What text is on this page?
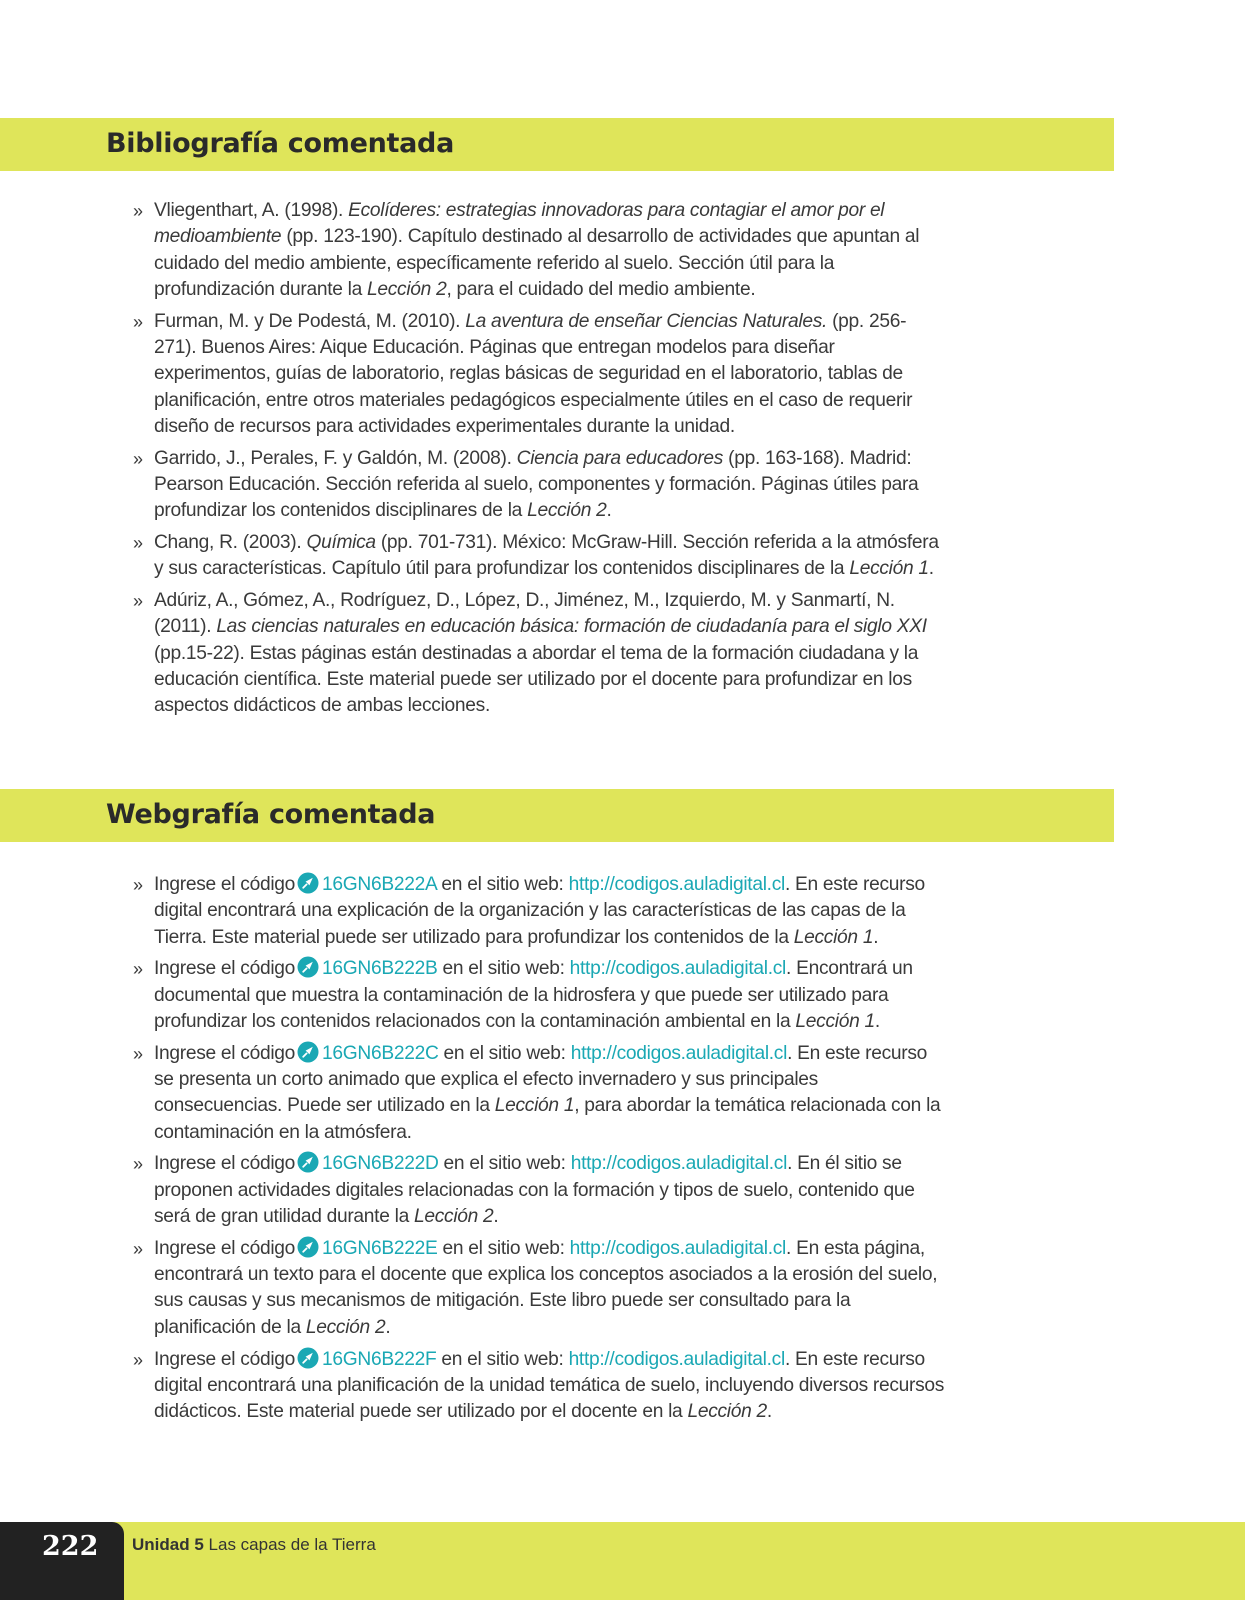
Bibliografía comentada
» Vliegenthart, A. (1998). Ecolíderes: estrategias innovadoras para contagiar el amor por el medioambiente (pp. 123-190). Capítulo destinado al desarrollo de actividades que apuntan al cuidado del medio ambiente, específicamente referido al suelo. Sección útil para la profundización durante la Lección 2, para el cuidado del medio ambiente.
» Furman, M. y De Podestá, M. (2010). La aventura de enseñar Ciencias Naturales. (pp. 256-271). Buenos Aires: Aique Educación. Páginas que entregan modelos para diseñar experimentos, guías de laboratorio, reglas básicas de seguridad en el laboratorio, tablas de planificación, entre otros materiales pedagógicos especialmente útiles en el caso de requerir diseño de recursos para actividades experimentales durante la unidad.
» Garrido, J., Perales, F. y Galdón, M. (2008). Ciencia para educadores (pp. 163-168). Madrid: Pearson Educación. Sección referida al suelo, componentes y formación. Páginas útiles para profundizar los contenidos disciplinares de la Lección 2.
» Chang, R. (2003). Química (pp. 701-731). México: McGraw-Hill. Sección referida a la atmósfera y sus características. Capítulo útil para profundizar los contenidos disciplinares de la Lección 1.
» Adúriz, A., Gómez, A., Rodríguez, D., López, D., Jiménez, M., Izquierdo, M. y Sanmartí, N. (2011). Las ciencias naturales en educación básica: formación de ciudadanía para el siglo XXI (pp.15-22). Estas páginas están destinadas a abordar el tema de la formación ciudadana y la educación científica. Este material puede ser utilizado por el docente para profundizar en los aspectos didácticos de ambas lecciones.
Webgrafía comentada
» Ingrese el código 16GN6B222A en el sitio web: http://codigos.auladigital.cl. En este recurso digital encontrará una explicación de la organización y las características de las capas de la Tierra. Este material puede ser utilizado para profundizar los contenidos de la Lección 1.
» Ingrese el código 16GN6B222B en el sitio web: http://codigos.auladigital.cl. Encontrará un documental que muestra la contaminación de la hidrosfera y que puede ser utilizado para profundizar los contenidos relacionados con la contaminación ambiental en la Lección 1.
» Ingrese el código 16GN6B222C en el sitio web: http://codigos.auladigital.cl. En este recurso se presenta un corto animado que explica el efecto invernadero y sus principales consecuencias. Puede ser utilizado en la Lección 1, para abordar la temática relacionada con la contaminación en la atmósfera.
» Ingrese el código 16GN6B222D en el sitio web: http://codigos.auladigital.cl. En él sitio se proponen actividades digitales relacionadas con la formación y tipos de suelo, contenido que será de gran utilidad durante la Lección 2.
» Ingrese el código 16GN6B222E en el sitio web: http://codigos.auladigital.cl. En esta página, encontrará un texto para el docente que explica los conceptos asociados a la erosión del suelo, sus causas y sus mecanismos de mitigación. Este libro puede ser consultado para la planificación de la Lección 2.
» Ingrese el código 16GN6B222F en el sitio web: http://codigos.auladigital.cl. En este recurso digital encontrará una planificación de la unidad temática de suelo, incluyendo diversos recursos didácticos. Este material puede ser utilizado por el docente en la Lección 2.
222 Unidad 5 Las capas de la Tierra
